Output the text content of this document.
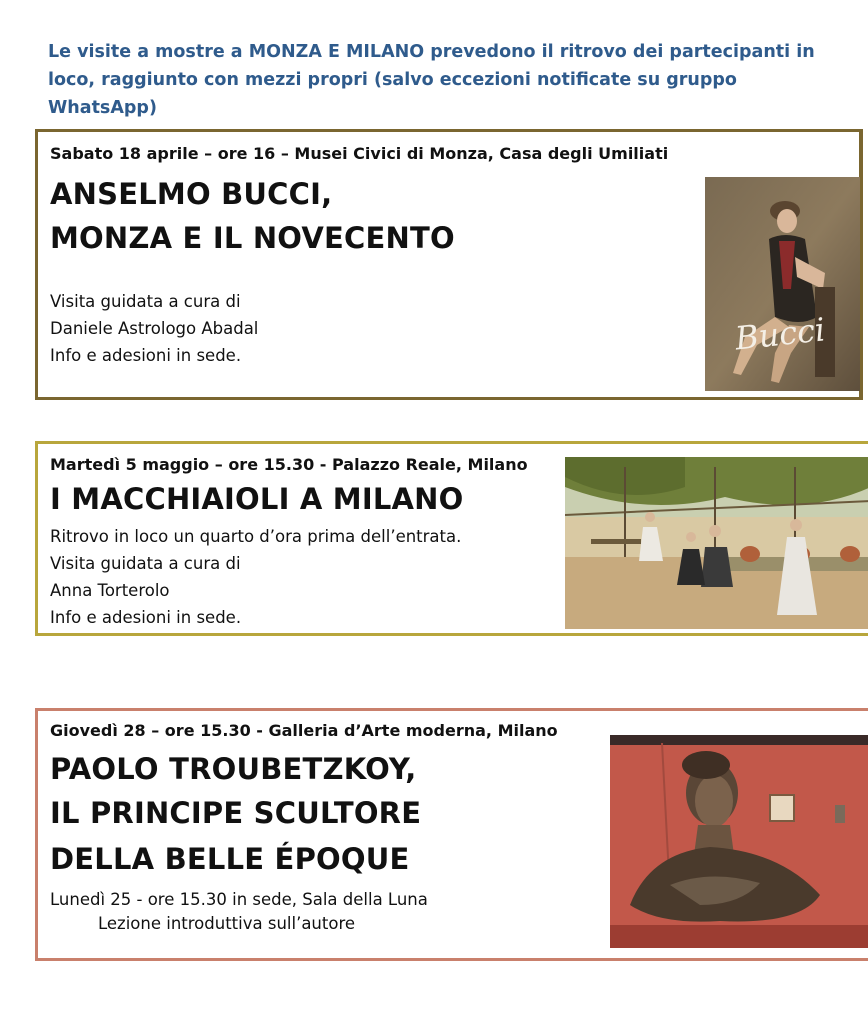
Le visite a mostre a MONZA E MILANO prevedono il ritrovo dei partecipanti in
loco, raggiunto con mezzi propri (salvo eccezioni notificate su gruppo WhatsApp)
Sabato 18 aprile – ore 16 – Musei Civici di Monza, Casa degli Umiliati
ANSELMO BUCCI,
MONZA E IL NOVECENTO
Visita guidata a cura di
Daniele Astrologo Abadal
Info e adesioni in sede.	Bucci
Martedì 5 maggio – ore 15.30 - Palazzo Reale, Milano
I MACCHIAIOLI A MILANO
Ritrovo in loco un quarto d’ora prima dell’entrata.
Visita guidata a cura di
Anna Torterolo
Info e adesioni in sede.
Giovedì 28 – ore 15.30 - Galleria d’Arte moderna, Milano
PAOLO TROUBETZKOY,
IL PRINCIPE SCULTORE
DELLA BELLE ÉPOQUE
Lunedì 25 - ore 15.30 in sede, Sala della Luna
Lezione introduttiva sull’autore
